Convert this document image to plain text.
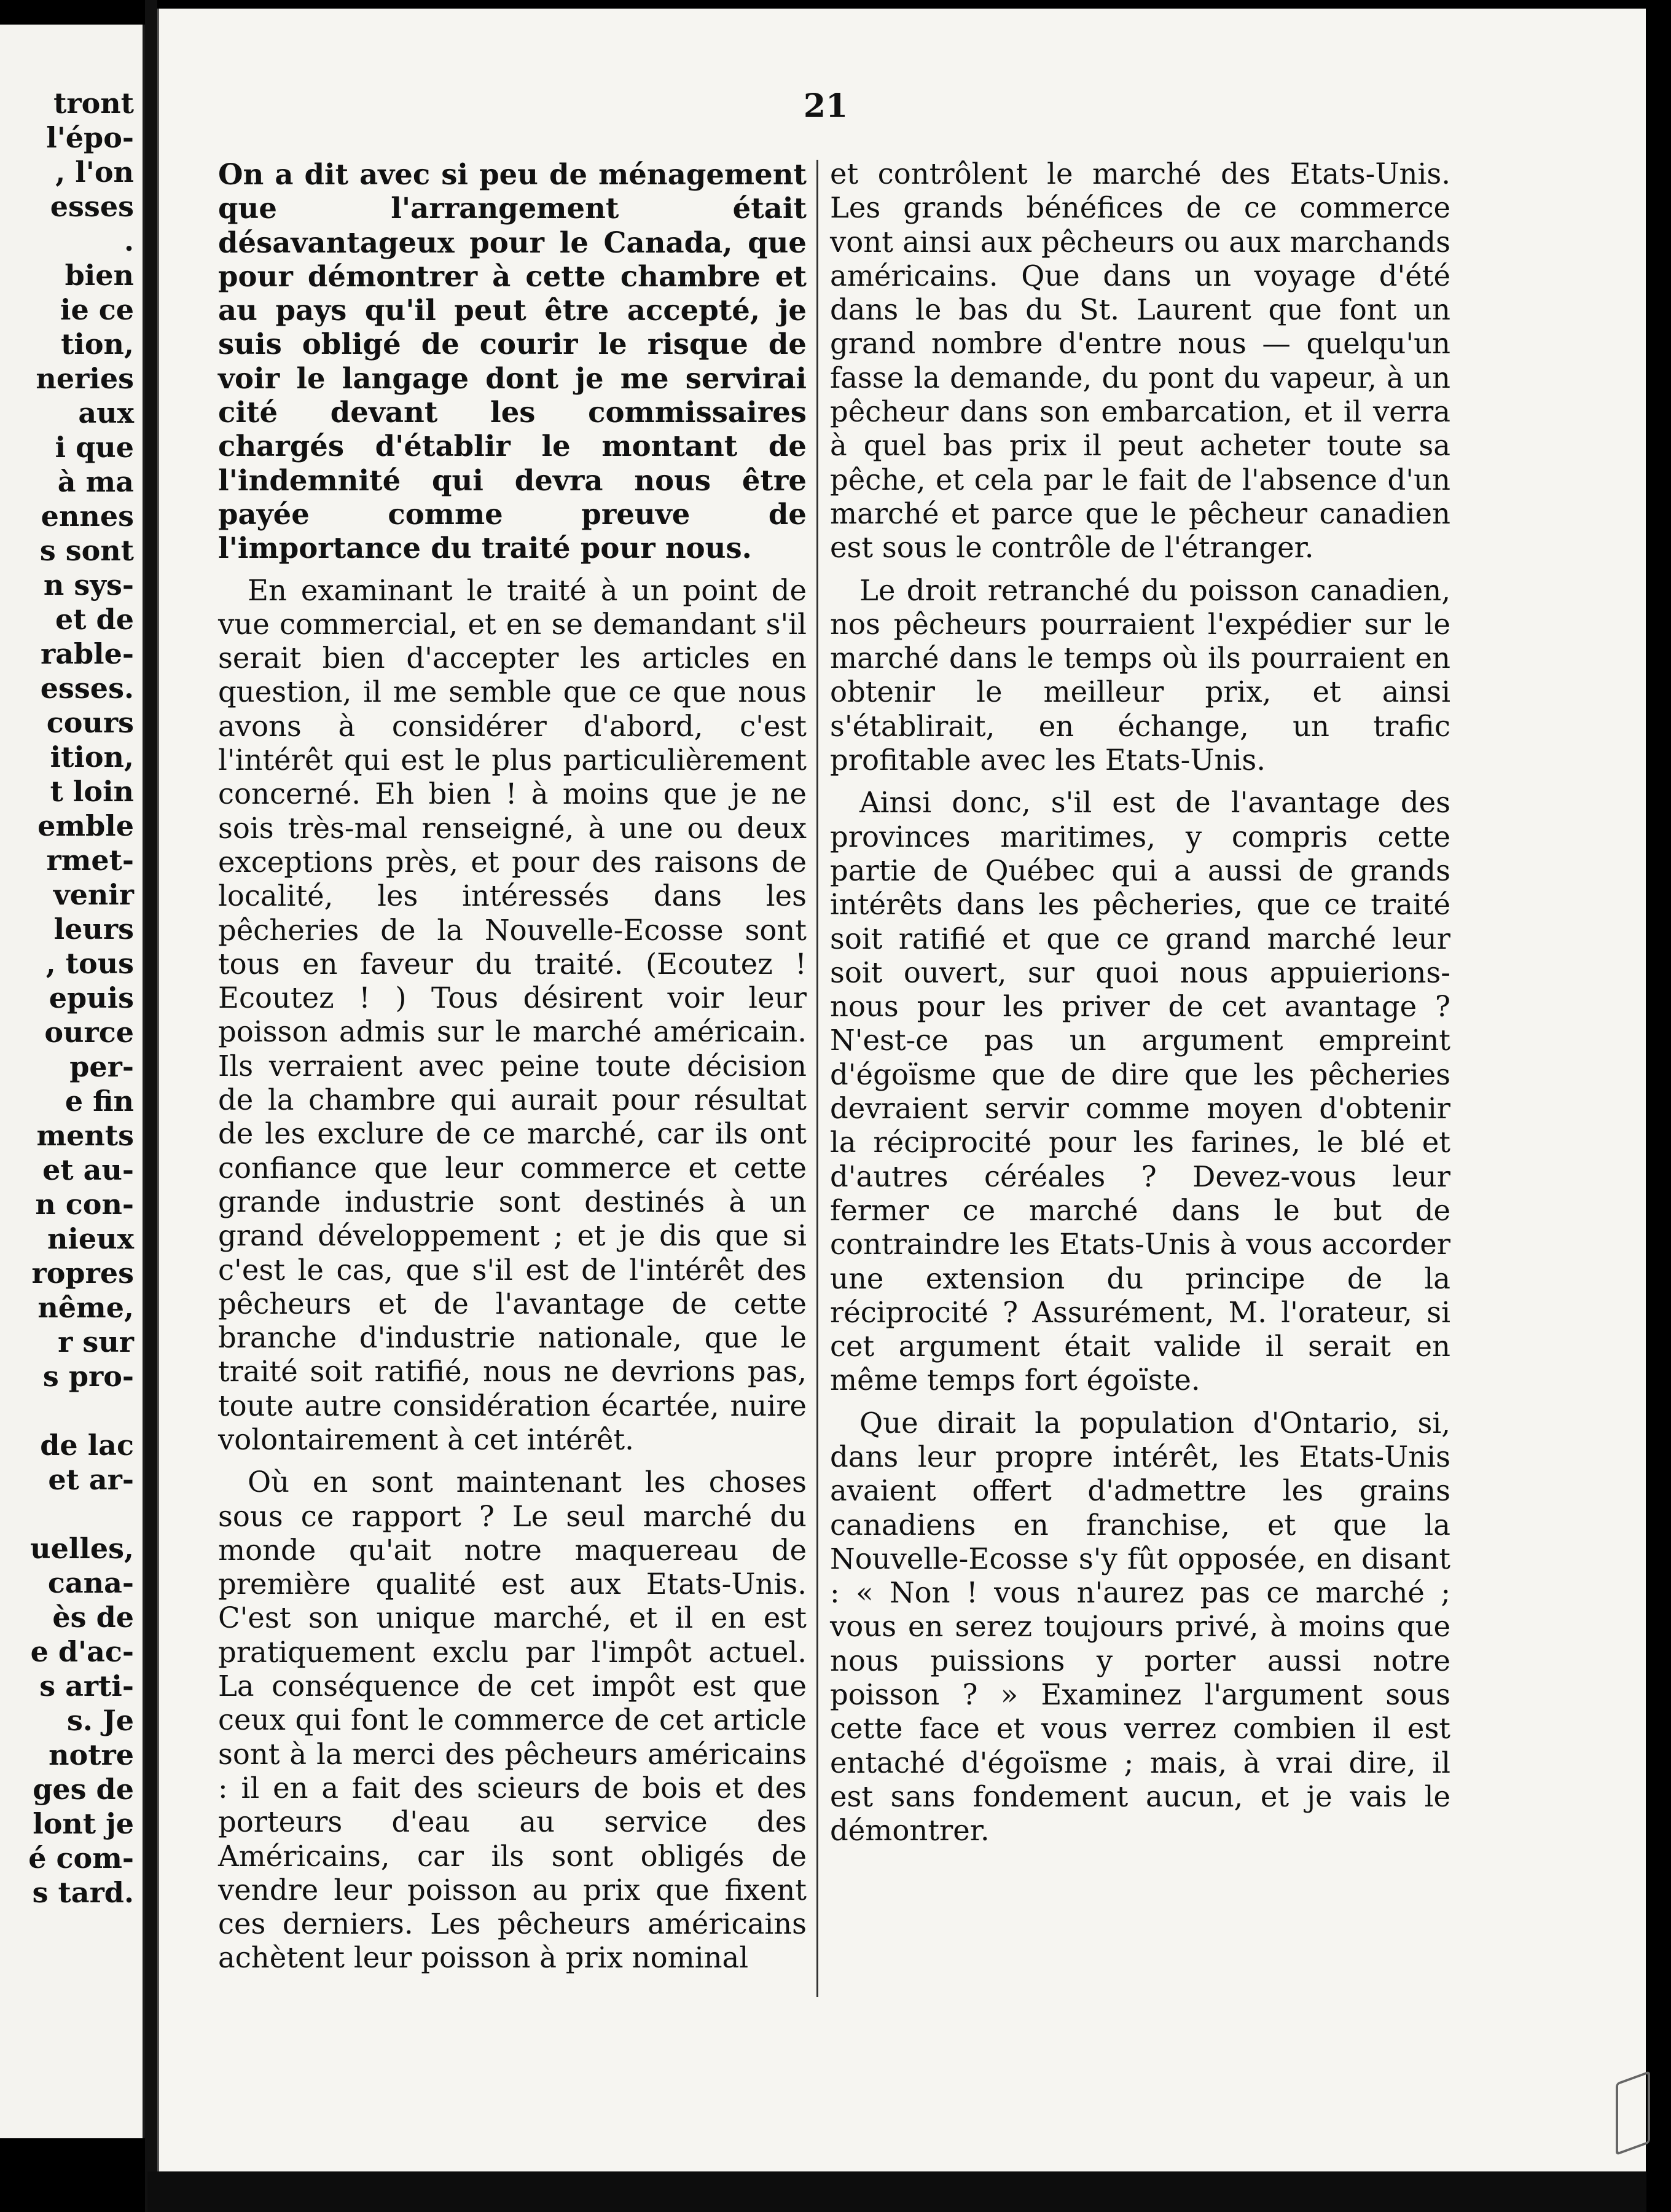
tront
l'épo-
, l'on
esses
.
bien
ie ce
tion,
neries
aux
i que
à ma
ennes
s sont
n sys-
et de
rable-
esses.
cours
ition,
t loin
emble
rmet-
venir
leurs
, tous
epuis
ource
per-
e fin
ments
et au-
n con-
nieux
ropres
nême,
r sur
s pro-

de lac
et ar-

uelles,
cana-
ès de
e d'ac-
s arti-
s. Je
notre
ges de
lont je
é com-
s tard.

21

On a dit avec si peu de ménagement que l'arrangement était désavantageux pour le Canada, que pour démontrer à cette chambre et au pays qu'il peut être accepté, je suis obligé de courir le risque de voir le langage dont je me servirai cité devant les commissaires chargés d'établir le montant de l'indemnité qui devra nous être payée comme preuve de l'importance du traité pour nous.

En examinant le traité à un point de vue commercial, et en se demandant s'il serait bien d'accepter les articles en question, il me semble que ce que nous avons à considérer d'abord, c'est l'intérêt qui est le plus particulièrement concerné. Eh bien ! à moins que je ne sois très-mal renseigné, à une ou deux exceptions près, et pour des raisons de localité, les intéressés dans les pêcheries de la Nouvelle-Ecosse sont tous en faveur du traité. (Ecoutez ! Ecoutez ! ) Tous désirent voir leur poisson admis sur le marché américain. Ils verraient avec peine toute décision de la chambre qui aurait pour résultat de les exclure de ce marché, car ils ont confiance que leur commerce et cette grande industrie sont destinés à un grand développement ; et je dis que si c'est le cas, que s'il est de l'intérêt des pêcheurs et de l'avantage de cette branche d'industrie nationale, que le traité soit ratifié, nous ne devrions pas, toute autre considération écartée, nuire volontairement à cet intérêt.

Où en sont maintenant les choses sous ce rapport ? Le seul marché du monde qu'ait notre maquereau de première qualité est aux Etats-Unis. C'est son unique marché, et il en est pratiquement exclu par l'impôt actuel. La conséquence de cet impôt est que ceux qui font le commerce de cet article sont à la merci des pêcheurs américains : il en a fait des scieurs de bois et des porteurs d'eau au service des Américains, car ils sont obligés de vendre leur poisson au prix que fixent ces derniers. Les pêcheurs américains achètent leur poisson à prix nominal

et contrôlent le marché des Etats-Unis. Les grands bénéfices de ce commerce vont ainsi aux pêcheurs ou aux marchands américains. Que dans un voyage d'été dans le bas du St. Laurent que font un grand nombre d'entre nous — quelqu'un fasse la demande, du pont du vapeur, à un pêcheur dans son embarcation, et il verra à quel bas prix il peut acheter toute sa pêche, et cela par le fait de l'absence d'un marché et parce que le pêcheur canadien est sous le contrôle de l'étranger.

Le droit retranché du poisson canadien, nos pêcheurs pourraient l'expédier sur le marché dans le temps où ils pourraient en obtenir le meilleur prix, et ainsi s'établirait, en échange, un trafic profitable avec les Etats-Unis.

Ainsi donc, s'il est de l'avantage des provinces maritimes, y compris cette partie de Québec qui a aussi de grands intérêts dans les pêcheries, que ce traité soit ratifié et que ce grand marché leur soit ouvert, sur quoi nous appuierions-nous pour les priver de cet avantage ? N'est-ce pas un argument empreint d'égoïsme que de dire que les pêcheries devraient servir comme moyen d'obtenir la réciprocité pour les farines, le blé et d'autres céréales ? Devez-vous leur fermer ce marché dans le but de contraindre les Etats-Unis à vous accorder une extension du principe de la réciprocité ? Assurément, M. l'orateur, si cet argument était valide il serait en même temps fort égoïste.

Que dirait la population d'Ontario, si, dans leur propre intérêt, les Etats-Unis avaient offert d'admettre les grains canadiens en franchise, et que la Nouvelle-Ecosse s'y fût opposée, en disant : « Non ! vous n'aurez pas ce marché ; vous en serez toujours privé, à moins que nous puissions y porter aussi notre poisson ? » Examinez l'argument sous cette face et vous verrez combien il est entaché d'égoïsme ; mais, à vrai dire, il est sans fondement aucun, et je vais le démontrer.
